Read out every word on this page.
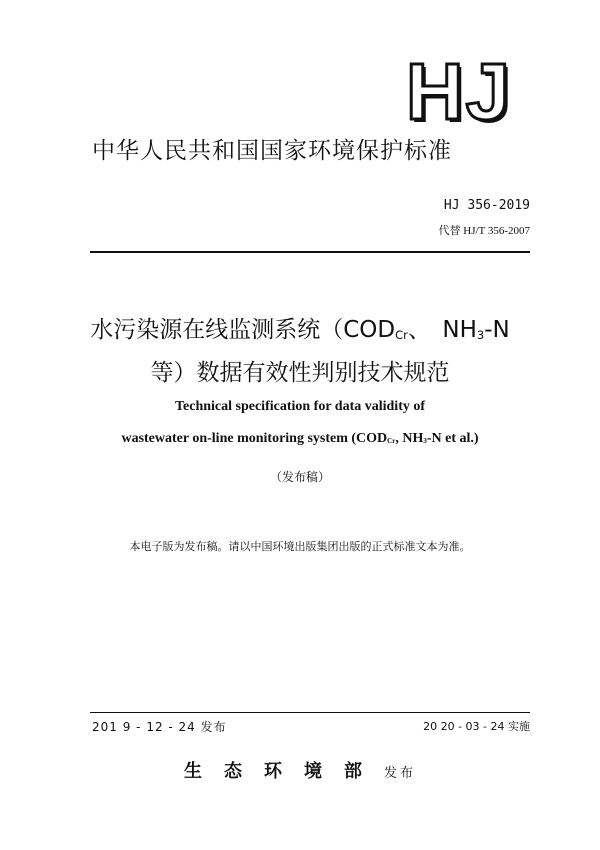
HJ
中华人民共和国国家环境保护标准
HJ 356-2019
代替 HJ/T 356-2007
水污染源在线监测系统（$COD_{Cr}$、　$NH_3-N$
等）数据有效性判别技术规范
Technical specification for data validity of
wastewater on-line monitoring system ($COD_{Cr}$, $NH_3-N$ et al.)
（发布稿）
本电子版为发布稿。请以中国环境出版集团出版的正式标准文本为准。
201 9 - 12 - 24 发布	20 20 - 03 - 24 实施
生态环境部发布
